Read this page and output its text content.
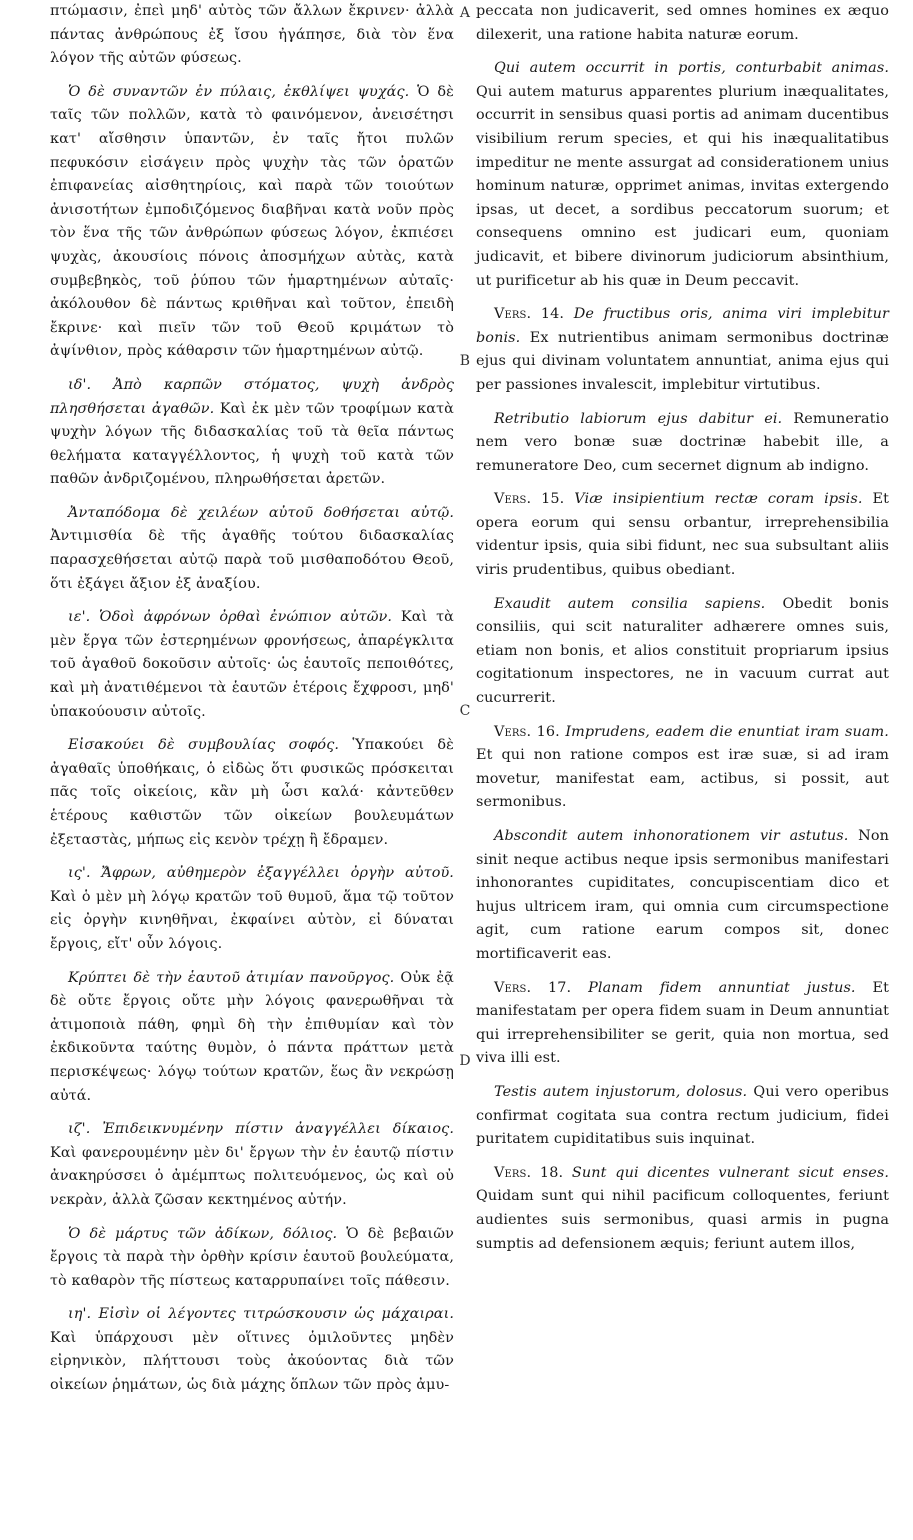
πτώμασιν, ἐπεὶ μηδ' αὐτὸς τῶν ἄλλων ἔκρινεν· ἀλλὰ πάντας ἀνθρώπους ἐξ ἴσου ἠγάπησε, διὰ τὸν ἕνα λόγον τῆς αὐτῶν φύσεως.

Ὁ δὲ συναντῶν ἐν πύλαις, ἐκθλίψει ψυχάς. Ὁ δὲ ταῖς τῶν πολλῶν, κατὰ τὸ φαινόμενον, ἀνεισέτησι κατ' αἴσθησιν ὑπαντῶν, ἐν ταῖς ἤτοι πυλῶν πεφυκόσιν εἰσάγειν πρὸς ψυχὴν τὰς τῶν ὁρατῶν ἐπιφανείας αἰσθητηρίοις, καὶ παρὰ τῶν τοιούτων ἀνισοτήτων ἐμποδιζόμενος διαβῆναι κατὰ νοῦν πρὸς τὸν ἕνα τῆς τῶν ἀνθρώπων φύσεως λόγον, ἐκπιέσει ψυχὰς, ἀκουσίοις πόνοις ἀποσμήχων αὐτὰς, κατὰ συμβεβηκὸς, τοῦ ῥύπου τῶν ἡμαρτημένων αὐταῖς· ἀκόλουθον δὲ πάντως κριθῆναι καὶ τοῦτον, ἐπειδὴ ἔκρινε· καὶ πιεῖν τῶν τοῦ Θεοῦ κριμάτων τὸ ἀψίνθιον, πρὸς κάθαρσιν τῶν ἡμαρτημένων αὐτῷ.

ιδ'. Ἀπὸ καρπῶν στόματος, ψυχὴ ἀνδρὸς πλησθήσεται ἀγαθῶν. Καὶ ἐκ μὲν τῶν τροφίμων κατὰ ψυχὴν λόγων τῆς διδασκαλίας τοῦ τὰ θεῖα πάντως θελήματα καταγγέλλοντος, ἡ ψυχὴ τοῦ κατὰ τῶν παθῶν ἀνδριζομένου, πληρωθήσεται ἀρετῶν.

Ἀνταπόδομα δὲ χειλέων αὐτοῦ δοθήσεται αὐτῷ. Ἀντιμισθία δὲ τῆς ἀγαθῆς τούτου διδασκαλίας παρασχεθήσεται αὐτῷ παρὰ τοῦ μισθαποδότου Θεοῦ, ὅτι ἐξάγει ἄξιον ἐξ ἀναξίου.

ιε'. Ὁδοὶ ἀφρόνων ὀρθαὶ ἐνώπιον αὐτῶν. Καὶ τὰ μὲν ἔργα τῶν ἐστερημένων φρονήσεως, ἀπαρέγκλιτα τοῦ ἀγαθοῦ δοκοῦσιν αὐτοῖς· ὡς ἑαυτοῖς πεποιθότες, καὶ μὴ ἀνατιθέμενοι τὰ ἑαυτῶν ἑτέροις ἔχφροσι, μηδ' ὑπακούουσιν αὐτοῖς.

Εἰσακούει δὲ συμβουλίας σοφός. Ὑπακούει δὲ ἀγαθαῖς ὑποθήκαις, ὁ εἰδὼς ὅτι φυσικῶς πρόσκειται πᾶς τοῖς οἰκείοις, κἂν μὴ ὦσι καλά· κἀντεῦθεν ἑτέρους καθιστῶν τῶν οἰκείων βουλευμάτων ἐξεταστὰς, μήπως εἰς κενὸν τρέχῃ ἢ ἔδραμεν.

ις'. Ἄφρων, αὐθημερὸν ἐξαγγέλλει ὀργὴν αὐτοῦ. Καὶ ὁ μὲν μὴ λόγῳ κρατῶν τοῦ θυμοῦ, ἅμα τῷ τοῦτον εἰς ὀργὴν κινηθῆναι, ἐκφαίνει αὐτὸν, εἰ δύναται ἔργοις, εἴτ' οὖν λόγοις.

Κρύπτει δὲ τὴν ἑαυτοῦ ἀτιμίαν πανοῦργος. Οὐκ ἐᾷ δὲ οὔτε ἔργοις οὔτε μὴν λόγοις φανερωθῆναι τὰ ἀτιμοποιὰ πάθη, φημὶ δὴ τὴν ἐπιθυμίαν καὶ τὸν ἐκδικοῦντα ταύτης θυμὸν, ὁ πάντα πράττων μετὰ περισκέψεως· λόγῳ τούτων κρατῶν, ἕως ἂν νεκρώσῃ αὐτά.

ιζ'. Ἐπιδεικνυμένην πίστιν ἀναγγέλλει δίκαιος. Καὶ φανερουμένην μὲν δι' ἔργων τὴν ἐν ἑαυτῷ πίστιν ἀνακηρύσσει ὁ ἀμέμπτως πολιτευόμενος, ὡς καὶ οὐ νεκρὰν, ἀλλὰ ζῶσαν κεκτημένος αὐτήν.

Ὁ δὲ μάρτυς τῶν ἀδίκων, δόλιος. Ὁ δὲ βεβαιῶν ἔργοις τὰ παρὰ τὴν ὀρθὴν κρίσιν ἑαυτοῦ βουλεύματα, τὸ καθαρὸν τῆς πίστεως καταρρυπαίνει τοῖς πάθεσιν.

ιη'. Εἰσὶν οἱ λέγοντες τιτρώσκουσιν ὡς μάχαιραι. Καὶ ὑπάρχουσι μὲν οἵτινες ὁμιλοῦντες μηδὲν εἰρηνικὸν, πλήττουσι τοὺς ἀκούοντας διὰ τῶν οἰκείων ῥημάτων, ὡς διὰ μάχης ὅπλων τῶν πρὸς ἀμυ-

A
B
C
D

peccata non judicaverit, sed omnes homines ex æquo dilexerit, una ratione habita naturæ eorum.

Qui autem occurrit in portis, conturbabit animas. Qui autem maturus apparentes plurium inæqualitates, occurrit in sensibus quasi portis ad animam ducentibus visibilium rerum species, et qui his inæqualitatibus impeditur ne mente assurgat ad considerationem unius hominum naturæ, opprimet animas, invitas extergendo ipsas, ut decet, a sordibus peccatorum suorum; et consequens omnino est judicari eum, quoniam judicavit, et bibere divinorum judiciorum absinthium, ut purificetur ab his quæ in Deum peccavit.

Vers. 14. De fructibus oris, anima viri implebitur bonis. Ex nutrientibus animam sermonibus doctrinæ ejus qui divinam voluntatem annuntiat, anima ejus qui per passiones invalescit, implebitur virtutibus.

Retributio labiorum ejus dabitur ei. Remuneratio nem vero bonæ suæ doctrinæ habebit ille, a remuneratore Deo, cum secernet dignum ab indigno.

Vers. 15. Viæ insipientium rectæ coram ipsis. Et opera eorum qui sensu orbantur, irreprehensibilia videntur ipsis, quia sibi fidunt, nec sua subsultant aliis viris prudentibus, quibus obediant.

Exaudit autem consilia sapiens. Obedit bonis consiliis, qui scit naturaliter adhærere omnes suis, etiam non bonis, et alios constituit propriarum ipsius cogitationum inspectores, ne in vacuum currat aut cucurrerit.

Vers. 16. Imprudens, eadem die enuntiat iram suam. Et qui non ratione compos est iræ suæ, si ad iram movetur, manifestat eam, actibus, si possit, aut sermonibus.

Abscondit autem inhonorationem vir astutus. Non sinit neque actibus neque ipsis sermonibus manifestari inhonorantes cupiditates, concupiscentiam dico et hujus ultricem iram, qui omnia cum circumspectione agit, cum ratione earum compos sit, donec mortificaverit eas.

Vers. 17. Planam fidem annuntiat justus. Et manifestatam per opera fidem suam in Deum annuntiat qui irreprehensibiliter se gerit, quia non mortua, sed viva illi est.

Testis autem injustorum, dolosus. Qui vero operibus confirmat cogitata sua contra rectum judicium, fidei puritatem cupiditatibus suis inquinat.

Vers. 18. Sunt qui dicentes vulnerant sicut enses. Quidam sunt qui nihil pacificum colloquentes, feriunt audientes suis sermonibus, quasi armis in pugna sumptis ad defensionem æquis; feriunt autem illos,
